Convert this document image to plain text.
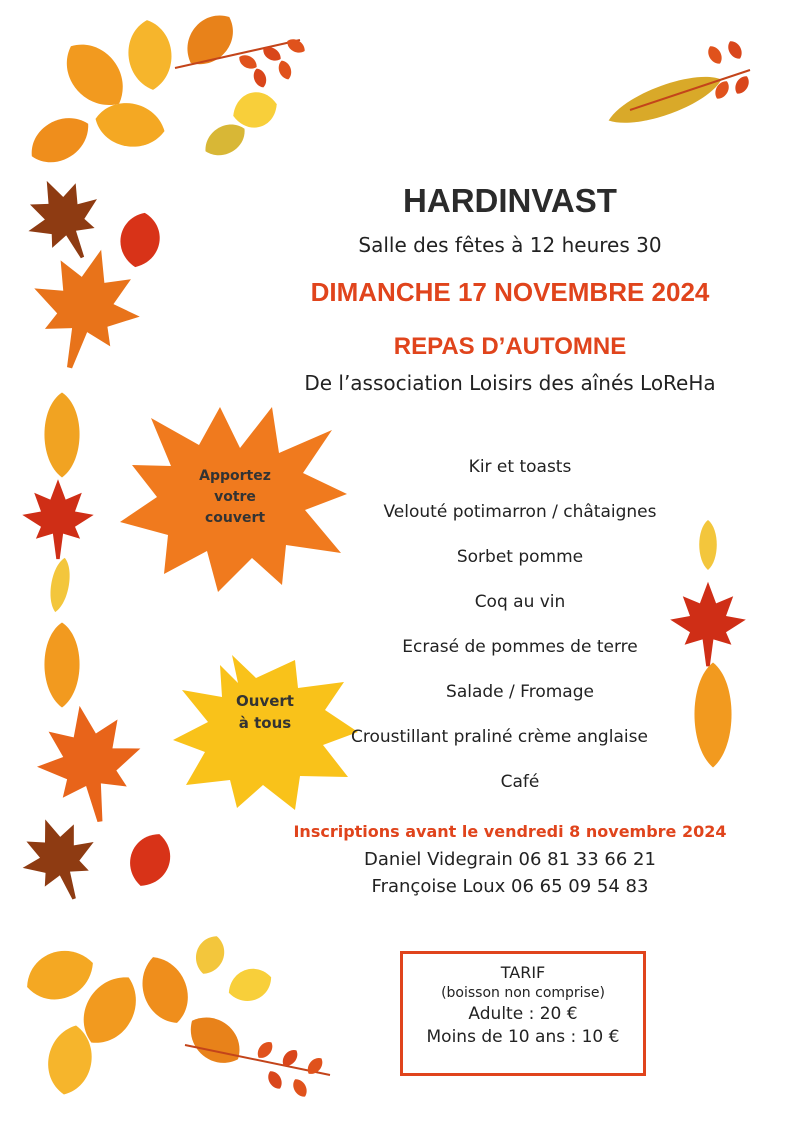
HARDINVAST
Salle des fêtes à 12 heures 30
DIMANCHE 17 NOVEMBRE 2024
REPAS D’AUTOMNE
De l’association Loisirs des aînés LoReHa
Apportez
votre
couvert
Ouvert
à tous
Kir et toasts
Velouté potimarron / châtaignes
Sorbet pomme
Coq au vin
Ecrasé de pommes de terre
Salade / Fromage
Croustillant praliné crème anglaise
Café
Inscriptions avant le vendredi 8 novembre 2024
Daniel Videgrain 06 81 33 66 21
Françoise Loux 06 65 09 54 83
TARIF
(boisson non comprise)
Adulte : 20 €
Moins de 10 ans : 10 €
